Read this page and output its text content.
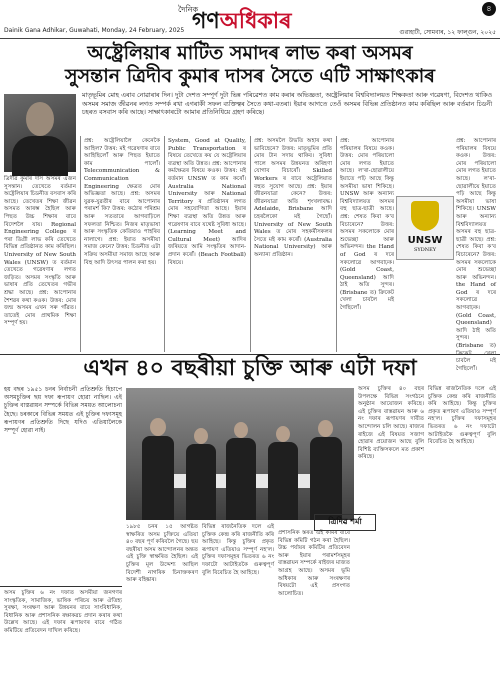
দৈনিক
গণঅধিকাৰ
৪
Dainik Gana Adhikar, Guwahati, Monday, 24 February, 2025	গুৱাহাটী, সোমবাৰ, ১২ ফাল্গুন, ২০২৫
অষ্ট্ৰেলিয়াৰ মাটিত সমাদৰ লাভ কৰা অসমৰ
সুসন্তান ত্ৰিদীব কুমাৰ দাসৰ সৈতে এটি সাক্ষাৎকাৰ
মাতৃভূমিৰ মোহ এৰাব নোৱাৰাৰ দিন। দুটা দেশত সম্পূৰ্ণ দুটা ভিন্ন পৰিৱেশত কাম কৰাৰ অভিজ্ঞতা, অষ্ট্ৰেলিয়াৰ বিশ্ববিদ্যালয়ত শিক্ষকতা আৰু গৱেষণা, বিদেশত থাকিও অসমৰ সমাজ জীৱনৰ লগত সম্পৰ্ক ৰখা এগৰাকী সফল ব্যক্তিত্বৰ সৈতে কথা-বতৰা। ইয়াৰ আগতে তেওঁ অসমৰ বিভিন্ন প্ৰতিষ্ঠানত কাম কৰিছিল আৰু বৰ্তমান চিডনী চহৰত বসবাস কৰি আছে। সাক্ষাৎকাৰটো আমাৰ প্ৰতিনিধিয়ে গ্ৰহণ কৰিছে।
ত্ৰিদীৱ কুমাৰ দাস অসমৰ এজন সুসন্তান। তেখেতে বৰ্তমান অষ্ট্ৰেলিয়াৰ চিডনীত বসবাস কৰি আছে। তেখেতৰ শিক্ষা জীৱন অসমত আৰম্ভ হৈছিল আৰু পিছত উচ্চ শিক্ষাৰ বাবে বিদেশলৈ যায়। Regional Engineering College ৰ পৰা ডিগ্ৰী লাভ কৰি তেখেতে বিভিন্ন প্ৰতিষ্ঠানত কাম কৰিছিল। University of New South Wales (UNSW) ত বৰ্তমান তেখেতে গৱেষণাৰ লগত জড়িত। অসমৰ সংস্কৃতি আৰু ভাষাৰ প্ৰতি তেখেতৰ গভীৰ শ্ৰদ্ধা আছে। প্ৰশ্ন: আপোনাৰ শৈশৱৰ কথা কওক। উত্তৰ: মোৰ জন্ম অসমৰ এখন সৰু গাঁৱত। তাতেই মোৰ প্ৰাথমিক শিক্ষা সম্পূৰ্ণ হয়।
প্ৰশ্ন: অষ্ট্ৰেলিয়ালৈ কেনেকৈ আহিল? উত্তৰ: মই গৱেষণাৰ বাবে আহিছিলোঁ আৰু পিছত ইয়াতে কাম পালোঁ। Telecommunication & Communication Engineering ক্ষেত্ৰত মোৰ অভিজ্ঞতা আছে। প্ৰশ্ন: অসমৰ যুৱক-যুৱতীৰ বাবে আপোনাৰ পৰামৰ্শ কি? উত্তৰ: কঠোৰ পৰিশ্ৰম আৰু সততাৰে আগবাঢ়িলে সফলতা নিশ্চিত। নিজৰ মাতৃভাষা আৰু সংস্কৃতিক কেতিয়াও পাহৰিব নালাগে। প্ৰশ্ন: ইয়াত অসমীয়া সমাজ কেনে? উত্তৰ: চিডনীত এটা সক্ৰিয় অসমীয়া সমাজ আছে আৰু বিহু আদি উৎসৱ পালন কৰা হয়।
System, Good at Quality, Public Transportation ৰ বিষয়ে তেখেতে কয় যে অষ্ট্ৰেলিয়াৰ ব্যৱস্থা অতি উন্নত। প্ৰশ্ন: আপোনাৰ কৰ্মক্ষেত্ৰৰ বিষয়ে কওক। উত্তৰ: মই বৰ্তমান UNSW ত কাম কৰোঁ। Australia National University আৰু National Territory ৰ প্ৰতিষ্ঠানৰ লগত মোৰ সহযোগিতা আছে। ইয়াৰ শিক্ষা ব্যৱস্থা অতি উন্নত আৰু গৱেষণাৰ বাবে যথেষ্ট সুবিধা আছে। (Learning Meet and Cultural Meet) আদিৰ জৰিয়তে আমি সংস্কৃতিৰ আদান-প্ৰদান কৰোঁ। (Beach Football) বিষয়ে।
প্ৰশ্ন: অসমলৈ উভতি অহাৰ কথা ভাবিছেনে? উত্তৰ: মাতৃভূমিৰ প্ৰতি মোৰ টান সদায় থাকিব। সুবিধা পালে অসমৰ উন্নয়নত অৰিহণা যোগাব বিচাৰোঁ। Skilled Workers ৰ বাবে অষ্ট্ৰেলিয়াত বহুত সুযোগ আছে। প্ৰশ্ন: ইয়াৰ জীৱনযাত্ৰা কেনে? উত্তৰ: জীৱনযাত্ৰা অতি শৃংখলাবদ্ধ। Adelaide, Brisbane আদি চহৰলৈকো মই গৈছোঁ। University of New South Wales ত মোৰ সহকৰ্মীসকলৰ সৈতে মই কাম কৰোঁ। (Australia National University) আৰু অন্যান্য প্ৰতিষ্ঠান।
প্ৰশ্ন: আপোনাৰ পৰিয়ালৰ বিষয়ে কওক। উত্তৰ: মোৰ পৰিয়ালো মোৰ লগত ইয়াতে আছে। ল'ৰা-ছোৱালীয়ে ইয়াতে পঢ়ি আছে কিন্তু অসমীয়া ভাষা শিকিছে। UNSW আৰু অন্যান্য বিশ্ববিদ্যালয়ত অসমৰ বহু ছাত্ৰ-ছাত্ৰী আছে। প্ৰশ্ন: শেষত কিবা ক'ব বিচাৰেনে? উত্তৰ: অসমৰ সকলোকে মোৰ শুভেচ্ছা আৰু অভিনন্দন। the Hand of God ৰ দৰে সকলোৱে আগবাঢ়ক। (Gold Coast, Queensland) আদি ঠাই অতি সুন্দৰ। (Brisbane ত) ক্ৰিকেট খেলা চাবলৈ মই গৈছিলোঁ।
প্ৰশ্ন: আপোনাৰ পৰিয়ালৰ বিষয়ে কওক। উত্তৰ: মোৰ পৰিয়ালো মোৰ লগত ইয়াতে আছে। ল'ৰা-ছোৱালীয়ে ইয়াতে পঢ়ি আছে কিন্তু অসমীয়া ভাষা শিকিছে। UNSW আৰু অন্যান্য বিশ্ববিদ্যালয়ত অসমৰ বহু ছাত্ৰ-ছাত্ৰী আছে। প্ৰশ্ন: শেষত কিবা ক'ব বিচাৰেনে? উত্তৰ: অসমৰ সকলোকে মোৰ শুভেচ্ছা আৰু অভিনন্দন। the Hand of God ৰ দৰে সকলোৱে আগবাঢ়ক। (Gold Coast, Queensland) আদি ঠাই অতি সুন্দৰ। (Brisbane ত) ক্ৰিকেট খেলা চাবলৈ মই গৈছিলোঁ।
UNSW
SYDNEY
এখন ৪০ বছৰীয়া চুক্তি আৰু এটা দফা
হয় বছৰ ১৯৫১ চনৰ নিৰ্বাচনী প্ৰতিশ্ৰুতি হিচাপে অসমচুক্তিৰ ছয় দফা ৰূপায়ণ হোৱা নাছিল। এই চুক্তিৰ বাস্তৱায়ন সম্পৰ্কে বিভিন্ন সময়ত আলোচনা হৈছে। চৰকাৰে বিভিন্ন সময়ত এই চুক্তিৰ দফাসমূহ ৰূপায়ণৰ প্ৰতিশ্ৰুতি দিছে যদিও এতিয়ালৈকে সম্পূৰ্ণ হোৱা নাই।
অসম চুক্তিৰ ৬ নং দফাত অসমীয়া জনগণৰ সাংস্কৃতিক, সামাজিক, ভাষিক পৰিচয় আৰু ঐতিহ্য সুৰক্ষা, সংৰক্ষণ আৰু উন্নয়নৰ বাবে সাংবিধানিক, বিধানিক আৰু প্ৰশাসনিক ৰক্ষাকৱচ প্ৰদান কৰাৰ কথা উল্লেখ আছে। এই দফাৰ ৰূপায়ণৰ বাবে গঠিত কমিটিয়ে প্ৰতিবেদন দাখিল কৰিছে।
১৯৮৫ চনৰ ১৫ আগষ্টত স্বাক্ষৰিত অসম চুক্তিয়ে এতিয়া ৪০ বছৰ পূৰ্ণ কৰিবলৈ গৈছে। ছয় বছৰীয়া অসম আন্দোলনৰ অন্তত এই চুক্তি স্বাক্ষৰিত হৈছিল। এই চুক্তিৰ মূল উদ্দেশ্য আছিল বিদেশী নাগৰিক চিনাক্তকৰণ আৰু বহিষ্কাৰ।
বিভিন্ন ৰাজনৈতিক দলে এই চুক্তিক কেন্দ্ৰ কৰি ৰাজনীতি কৰি আহিছে। কিন্তু চুক্তিৰ প্ৰকৃত ৰূপায়ণ এতিয়াও সম্পূৰ্ণ নহ'ল। চুক্তিৰ দফাসমূহৰ ভিতৰত ৬ নং দফাটো আটাইতকৈ গুৰুত্বপূৰ্ণ বুলি বিবেচিত হৈ আহিছে।
প্ৰশাসনিক স্তৰত এই কামৰ বাবে বিভিন্ন কমিটি গঠন কৰা হৈছিল। উচ্চ পৰ্যায়ৰ কমিটিৰ প্ৰতিবেদন আৰু ইয়াৰ পৰামৰ্শসমূহৰ বাস্তৱায়ন সম্পৰ্কে ৰাইজৰ মাজত আগ্ৰহ আছে। অসমৰ ভূমি অধিকাৰ আৰু সংৰক্ষণৰ বিষয়টো এই প্ৰসংগত আলোচিত।
ত্ৰিদিৱ শৰ্মা
অসম চুক্তিৰ ৪০ বছৰ উপলক্ষে বিভিন্ন সংগঠনে অনুষ্ঠান আয়োজন কৰিছে। এই চুক্তিৰ বাস্তৱায়ন আৰু ৬ নং দফাৰ ৰূপায়ণৰ দাবীত আন্দোলন চলি আছে। ৰাজ্যৰ ৰাইজে এই বিষয়ত সজাগ হোৱাৰ প্ৰয়োজন আছে বুলি বিশিষ্ট ব্যক্তিসকলে মত প্ৰকাশ কৰিছে।
বিভিন্ন ৰাজনৈতিক দলে এই চুক্তিক কেন্দ্ৰ কৰি ৰাজনীতি কৰি আহিছে। কিন্তু চুক্তিৰ প্ৰকৃত ৰূপায়ণ এতিয়াও সম্পূৰ্ণ নহ'ল। চুক্তিৰ দফাসমূহৰ ভিতৰত ৬ নং দফাটো আটাইতকৈ গুৰুত্বপূৰ্ণ বুলি বিবেচিত হৈ আহিছে।
